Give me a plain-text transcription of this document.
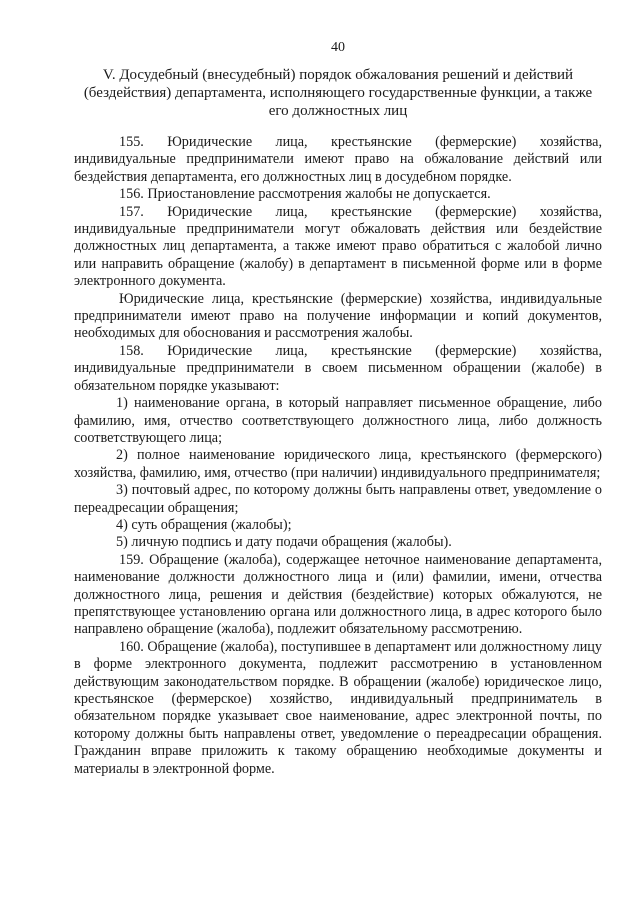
40
V. Досудебный (внесудебный) порядок обжалования решений и действий (бездействия) департамента, исполняющего государственные функции, а также его должностных лиц

155. Юридические лица, крестьянские (фермерские) хозяйства, индивидуальные предприниматели имеют право на обжалование действий или бездействия департамента, его должностных лиц в досудебном порядке.

156. Приостановление рассмотрения жалобы не допускается.

157. Юридические лица, крестьянские (фермерские) хозяйства, индивидуальные предприниматели могут обжаловать действия или бездействие должностных лиц департамента, а также имеют право обратиться с жалобой лично или направить обращение (жалобу) в департамент в письменной форме или в форме электронного документа.

Юридические лица, крестьянские (фермерские) хозяйства, индивидуальные предприниматели имеют право на получение информации и копий документов, необходимых для обоснования и рассмотрения жалобы.

158. Юридические лица, крестьянские (фермерские) хозяйства, индивидуальные предприниматели в своем письменном обращении (жалобе) в обязательном порядке указывают:

1) наименование органа, в который направляет письменное обращение, либо фамилию, имя, отчество соответствующего должностного лица, либо должность соответствующего лица;

2) полное наименование юридического лица, крестьянского (фермерского) хозяйства, фамилию, имя, отчество (при наличии) индивидуального предпринимателя;

3) почтовый адрес, по которому должны быть направлены ответ, уведомление о переадресации обращения;

4) суть обращения (жалобы);

5) личную подпись и дату подачи обращения (жалобы).

159. Обращение (жалоба), содержащее неточное наименование департамента, наименование должности должностного лица и (или) фамилии, имени, отчества должностного лица, решения и действия (бездействие) которых обжалуются, не препятствующее установлению органа или должностного лица, в адрес которого было направлено обращение (жалоба), подлежит обязательному рассмотрению.

160. Обращение (жалоба), поступившее в департамент или должностному лицу в форме электронного документа, подлежит рассмотрению в установленном действующим законодательством порядке. В обращении (жалобе) юридическое лицо, крестьянское (фермерское) хозяйство, индивидуальный предприниматель в обязательном порядке указывает свое наименование, адрес электронной почты, по которому должны быть направлены ответ, уведомление о переадресации обращения. Гражданин вправе приложить к такому обращению необходимые документы и материалы в электронной форме.
